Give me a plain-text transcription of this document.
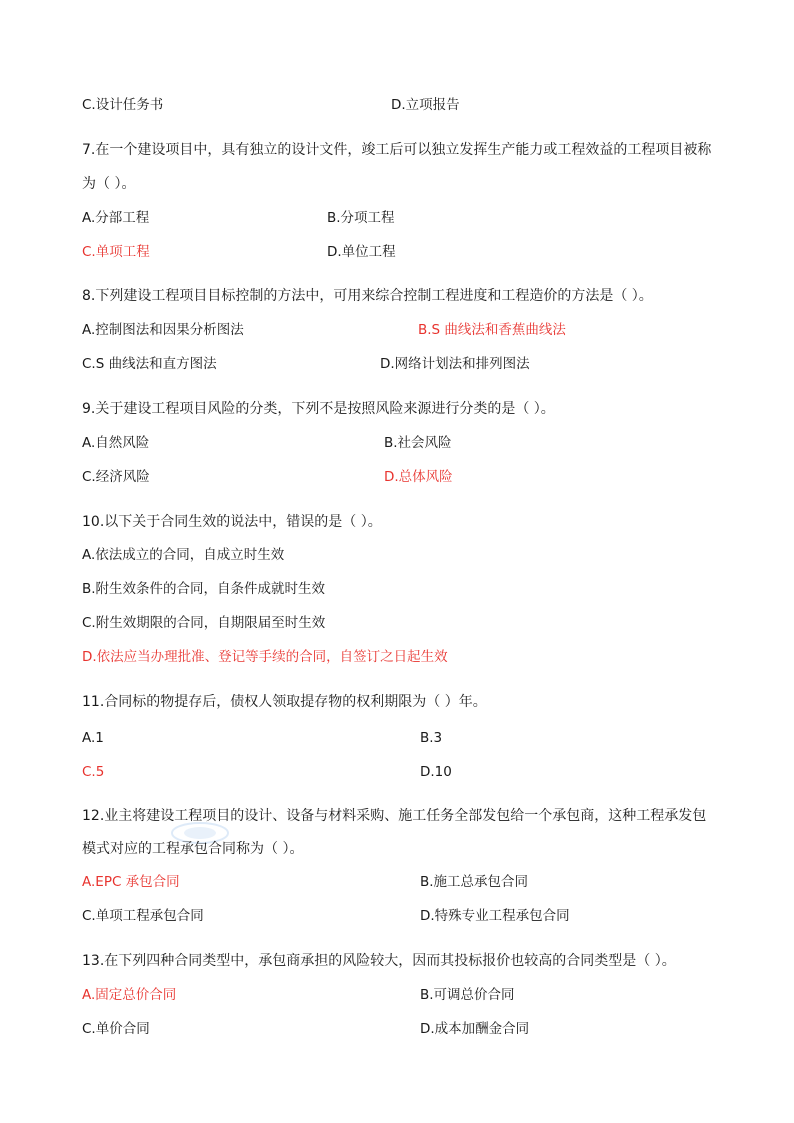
C.设计任务书	D.立项报告
7.在一个建设项目中，具有独立的设计文件，竣工后可以独立发挥生产能力或工程效益的工程项目被称
为（ ）。
A.分部工程	B.分项工程
C.单项工程	D.单位工程
8.下列建设工程项目目标控制的方法中，可用来综合控制工程进度和工程造价的方法是（ ）。
A.控制图法和因果分析图法	B.S 曲线法和香蕉曲线法
C.S 曲线法和直方图法	D.网络计划法和排列图法
9.关于建设工程项目风险的分类，下列不是按照风险来源进行分类的是（ ）。
A.自然风险	B.社会风险
C.经济风险	D.总体风险
10.以下关于合同生效的说法中，错误的是（ ）。
A.依法成立的合同，自成立时生效
B.附生效条件的合同，自条件成就时生效
C.附生效期限的合同，自期限届至时生效
D.依法应当办理批准、登记等手续的合同，自签订之日起生效
11.合同标的物提存后，债权人领取提存物的权利期限为（ ）年。
A.1	B.3
C.5	D.10
12.业主将建设工程项目的设计、设备与材料采购、施工任务全部发包给一个承包商，这种工程承发包
模式对应的工程承包合同称为（ ）。
A.EPC 承包合同	B.施工总承包合同
C.单项工程承包合同	D.特殊专业工程承包合同
13.在下列四种合同类型中，承包商承担的风险较大，因而其投标报价也较高的合同类型是（ ）。
A.固定总价合同	B.可调总价合同
C.单价合同	D.成本加酬金合同
